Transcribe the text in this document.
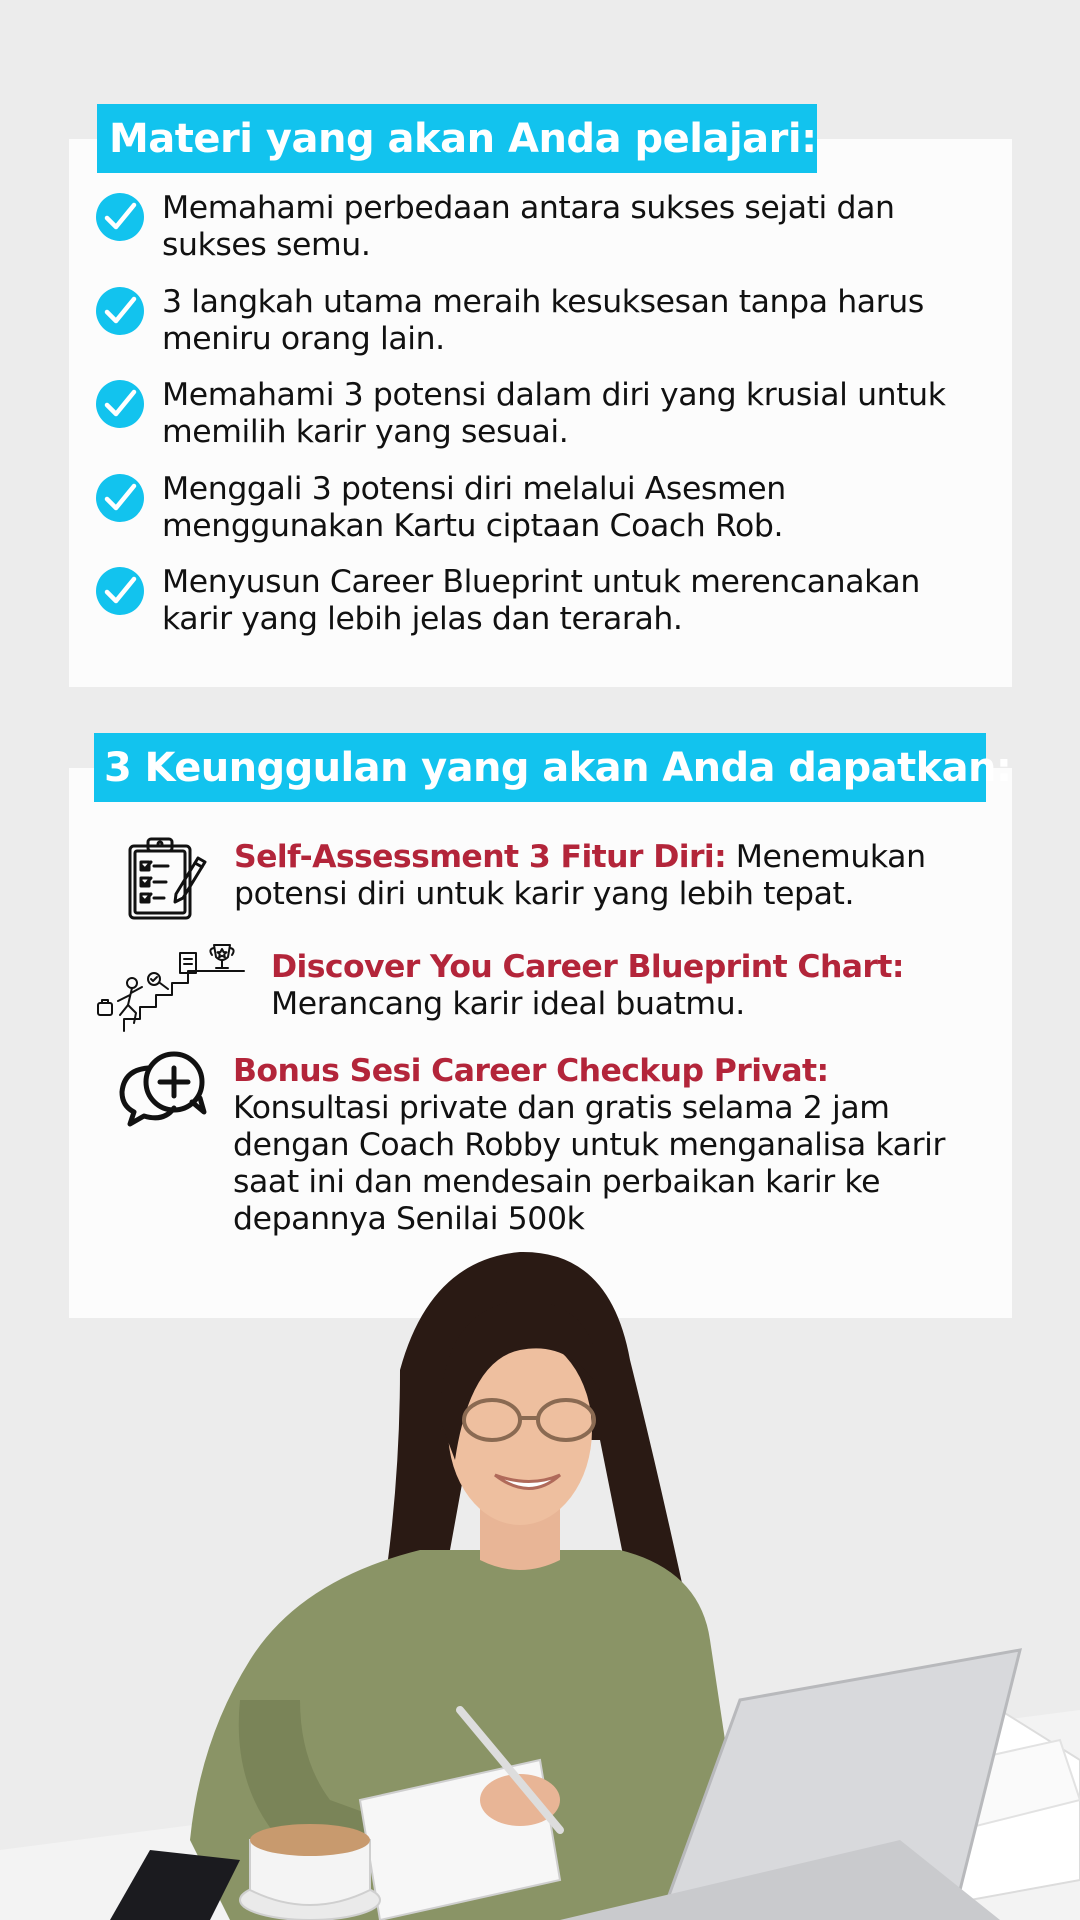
Materi yang akan Anda pelajari:
Memahami perbedaan antara sukses sejati dan sukses semu.
3 langkah utama meraih kesuksesan tanpa harus meniru orang lain.
Memahami 3 potensi dalam diri yang krusial untuk memilih karir yang sesuai.
Menggali 3 potensi diri melalui Asesmen menggunakan Kartu ciptaan Coach Rob.
Menyusun Career Blueprint untuk merencanakan karir yang lebih jelas dan terarah.
3 Keunggulan yang akan Anda dapatkan:
Self-Assessment 3 Fitur Diri: Menemukan potensi diri untuk karir yang lebih tepat.
Discover You Career Blueprint Chart: Merancang karir ideal buatmu.
Bonus Sesi Career Checkup Privat:
Konsultasi private dan gratis selama 2 jam dengan Coach Robby untuk menganalisa karir saat ini dan mendesain perbaikan karir ke depannya Senilai 500k
